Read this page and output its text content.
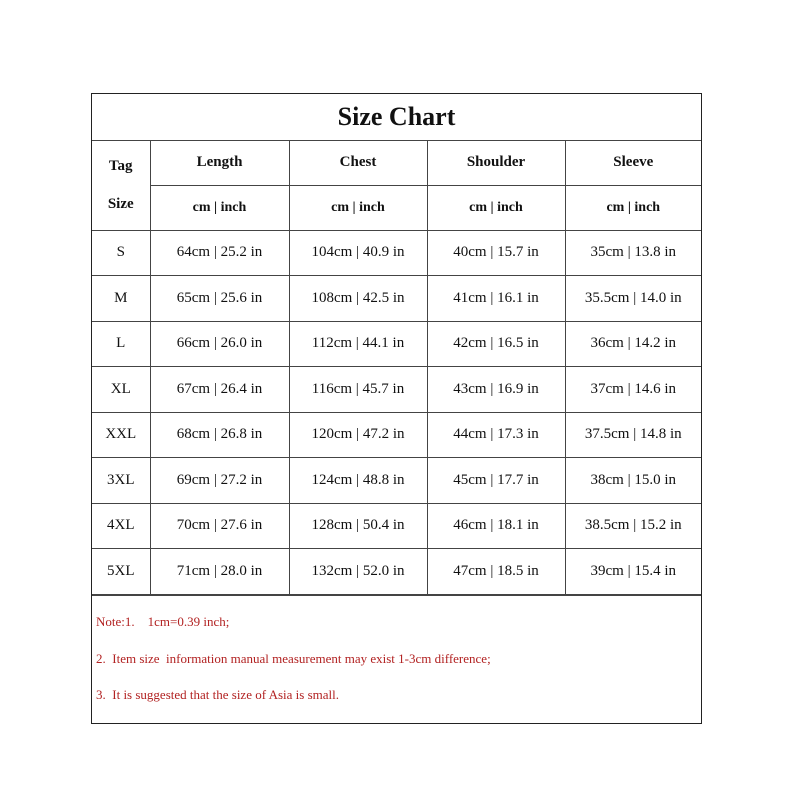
Size Chart				

Tag
Size	Length	Chest	Shoulder	Sleeve
	cm | inch	cm | inch	cm | inch	cm | inch
S	64cm | 25.2 in	104cm | 40.9 in	40cm | 15.7 in	35cm | 13.8 in
M	65cm | 25.6 in	108cm | 42.5 in	41cm | 16.1 in	35.5cm | 14.0 in
L	66cm | 26.0 in	112cm | 44.1 in	42cm | 16.5 in	36cm | 14.2 in
XL	67cm | 26.4 in	116cm | 45.7 in	43cm | 16.9 in	37cm | 14.6 in
XXL	68cm | 26.8 in	120cm | 47.2 in	44cm | 17.3 in	37.5cm | 14.8 in
3XL	69cm | 27.2 in	124cm | 48.8 in	45cm | 17.7 in	38cm | 15.0 in
4XL	70cm | 27.6 in	128cm | 50.4 in	46cm | 18.1 in	38.5cm | 15.2 in
5XL	71cm | 28.0 in	132cm | 52.0 in	47cm | 18.5 in	39cm | 15.4 in
Note:1.    1cm=0.39 inch;
2.  Item size  information manual measurement may exist 1-3cm difference;
3.  It is suggested that the size of Asia is small.
